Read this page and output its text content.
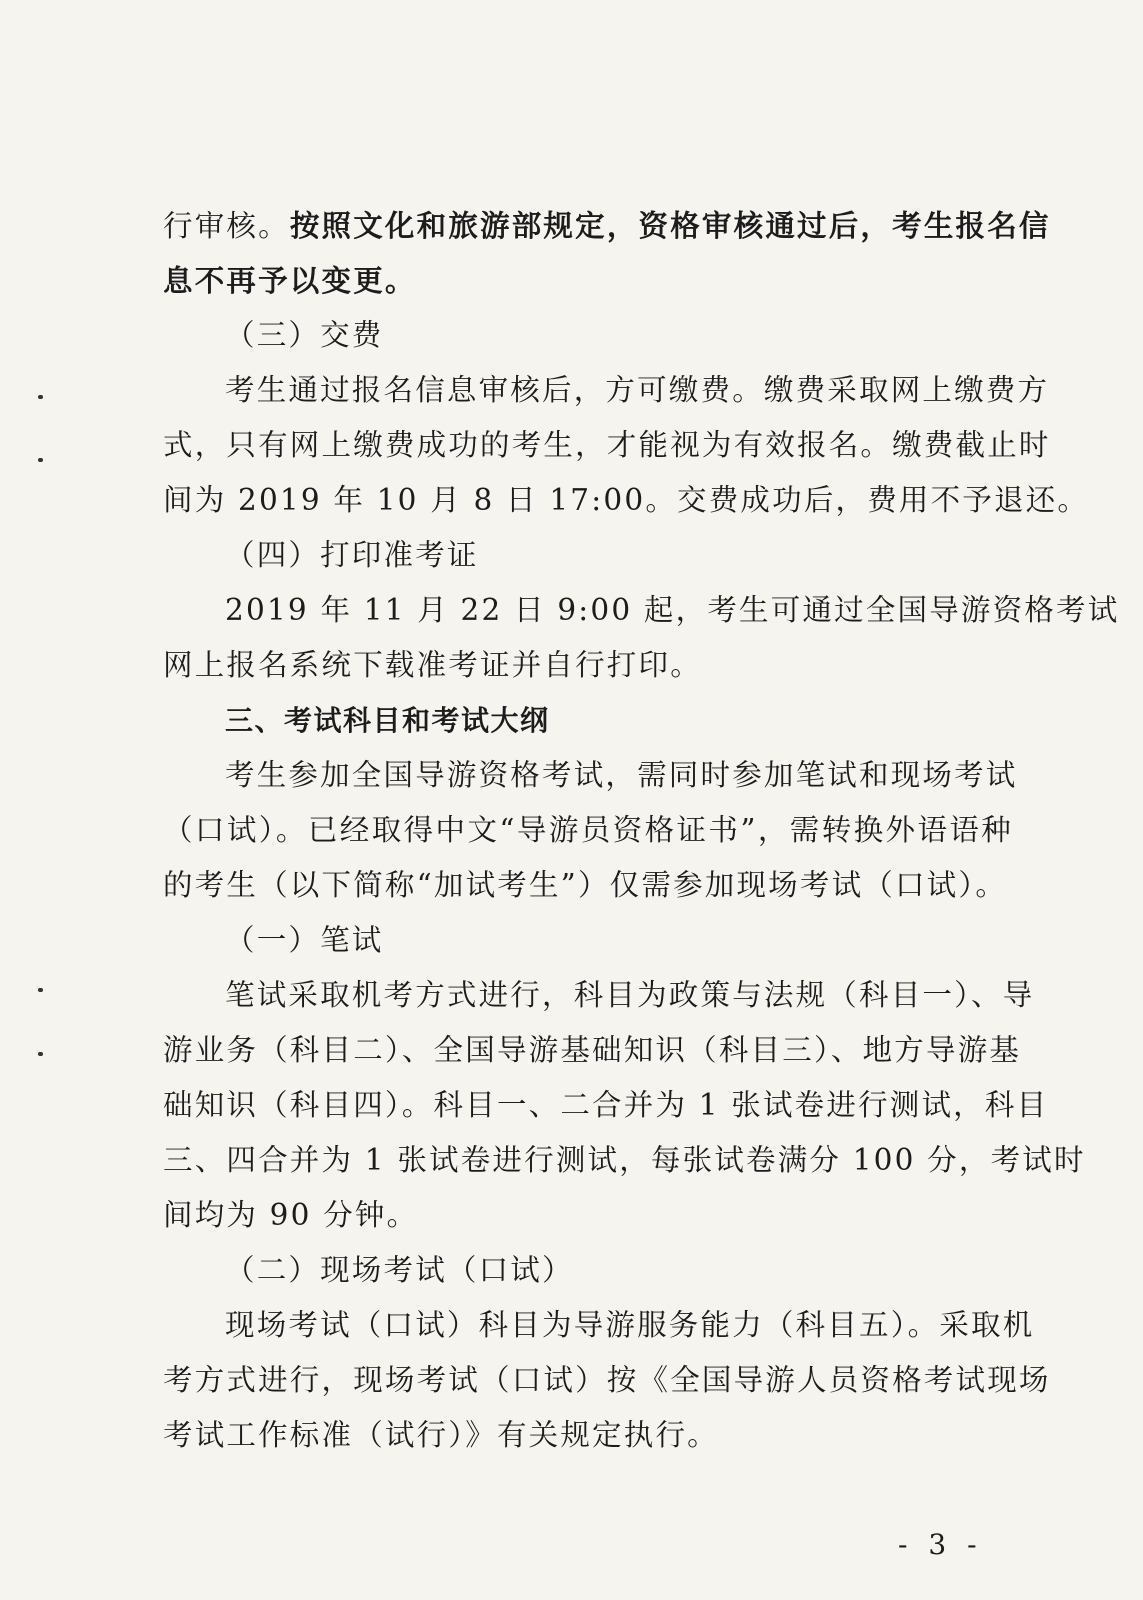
行审核。按照文化和旅游部规定，资格审核通过后，考生报名信
息不再予以变更。
（三）交费
考生通过报名信息审核后，方可缴费。缴费采取网上缴费方
式，只有网上缴费成功的考生，才能视为有效报名。缴费截止时
间为 2019 年 10 月 8 日 17:00。交费成功后，费用不予退还。
（四）打印准考证
2019 年 11 月 22 日 9:00 起，考生可通过全国导游资格考试
网上报名系统下载准考证并自行打印。
三、考试科目和考试大纲
考生参加全国导游资格考试，需同时参加笔试和现场考试
（口试）。已经取得中文“导游员资格证书”，需转换外语语种
的考生（以下简称“加试考生”）仅需参加现场考试（口试）。
（一）笔试
笔试采取机考方式进行，科目为政策与法规（科目一）、导
游业务（科目二）、全国导游基础知识（科目三）、地方导游基
础知识（科目四）。科目一、二合并为 1 张试卷进行测试，科目
三、四合并为 1 张试卷进行测试，每张试卷满分 100 分，考试时
间均为 90 分钟。
（二）现场考试（口试）
现场考试（口试）科目为导游服务能力（科目五）。采取机
考方式进行，现场考试（口试）按《全国导游人员资格考试现场
考试工作标准（试行）》有关规定执行。
- 3 -
